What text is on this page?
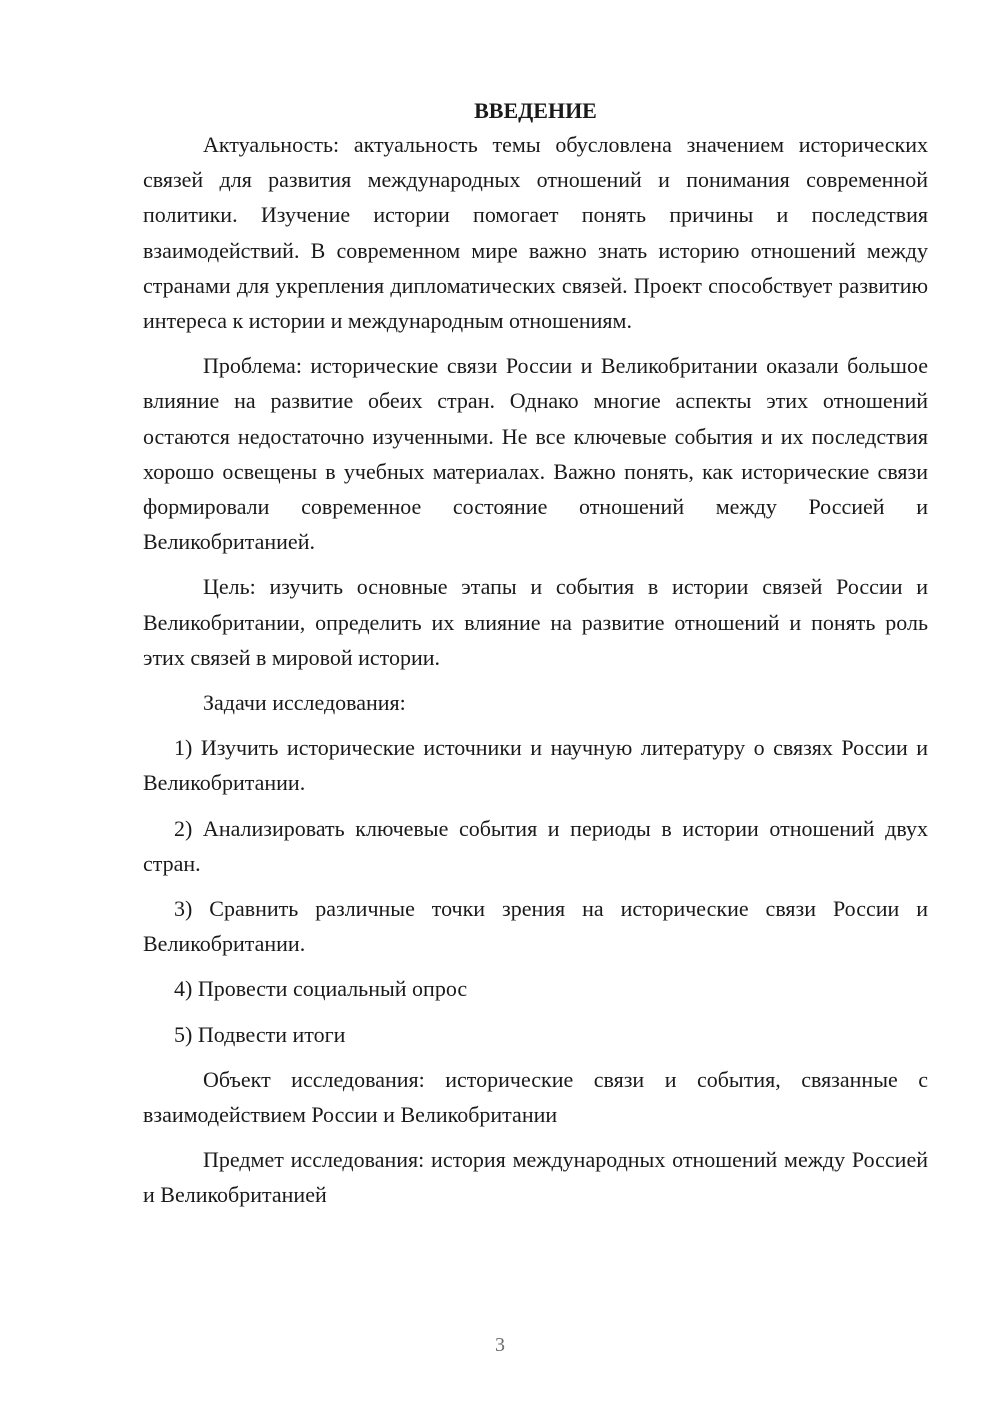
ВВЕДЕНИЕ

Актуальность: актуальность темы обусловлена значением исторических связей для развития международных отношений и понимания современной политики. Изучение истории помогает понять причины и последствия взаимодействий. В современном мире важно знать историю отношений между странами для укрепления дипломатических связей. Проект способствует развитию интереса к истории и международным отношениям.

Проблема: исторические связи России и Великобритании оказали большое влияние на развитие обеих стран. Однако многие аспекты этих отношений остаются недостаточно изученными. Не все ключевые события и их последствия хорошо освещены в учебных материалах. Важно понять, как исторические связи формировали современное состояние отношений между Россией и Великобританией.

Цель: изучить основные этапы и события в истории связей России и Великобритании, определить их влияние на развитие отношений и понять роль этих связей в мировой истории.

Задачи исследования:

1) Изучить исторические источники и научную литературу о связях России и Великобритании.

2) Анализировать ключевые события и периоды в истории отношений двух стран.

3) Сравнить различные точки зрения на исторические связи России и Великобритании.

4) Провести социальный опрос

5) Подвести итоги

Объект исследования: исторические связи и события, связанные с взаимодействием России и Великобритании

Предмет исследования: история международных отношений между Россией и Великобританией

3
